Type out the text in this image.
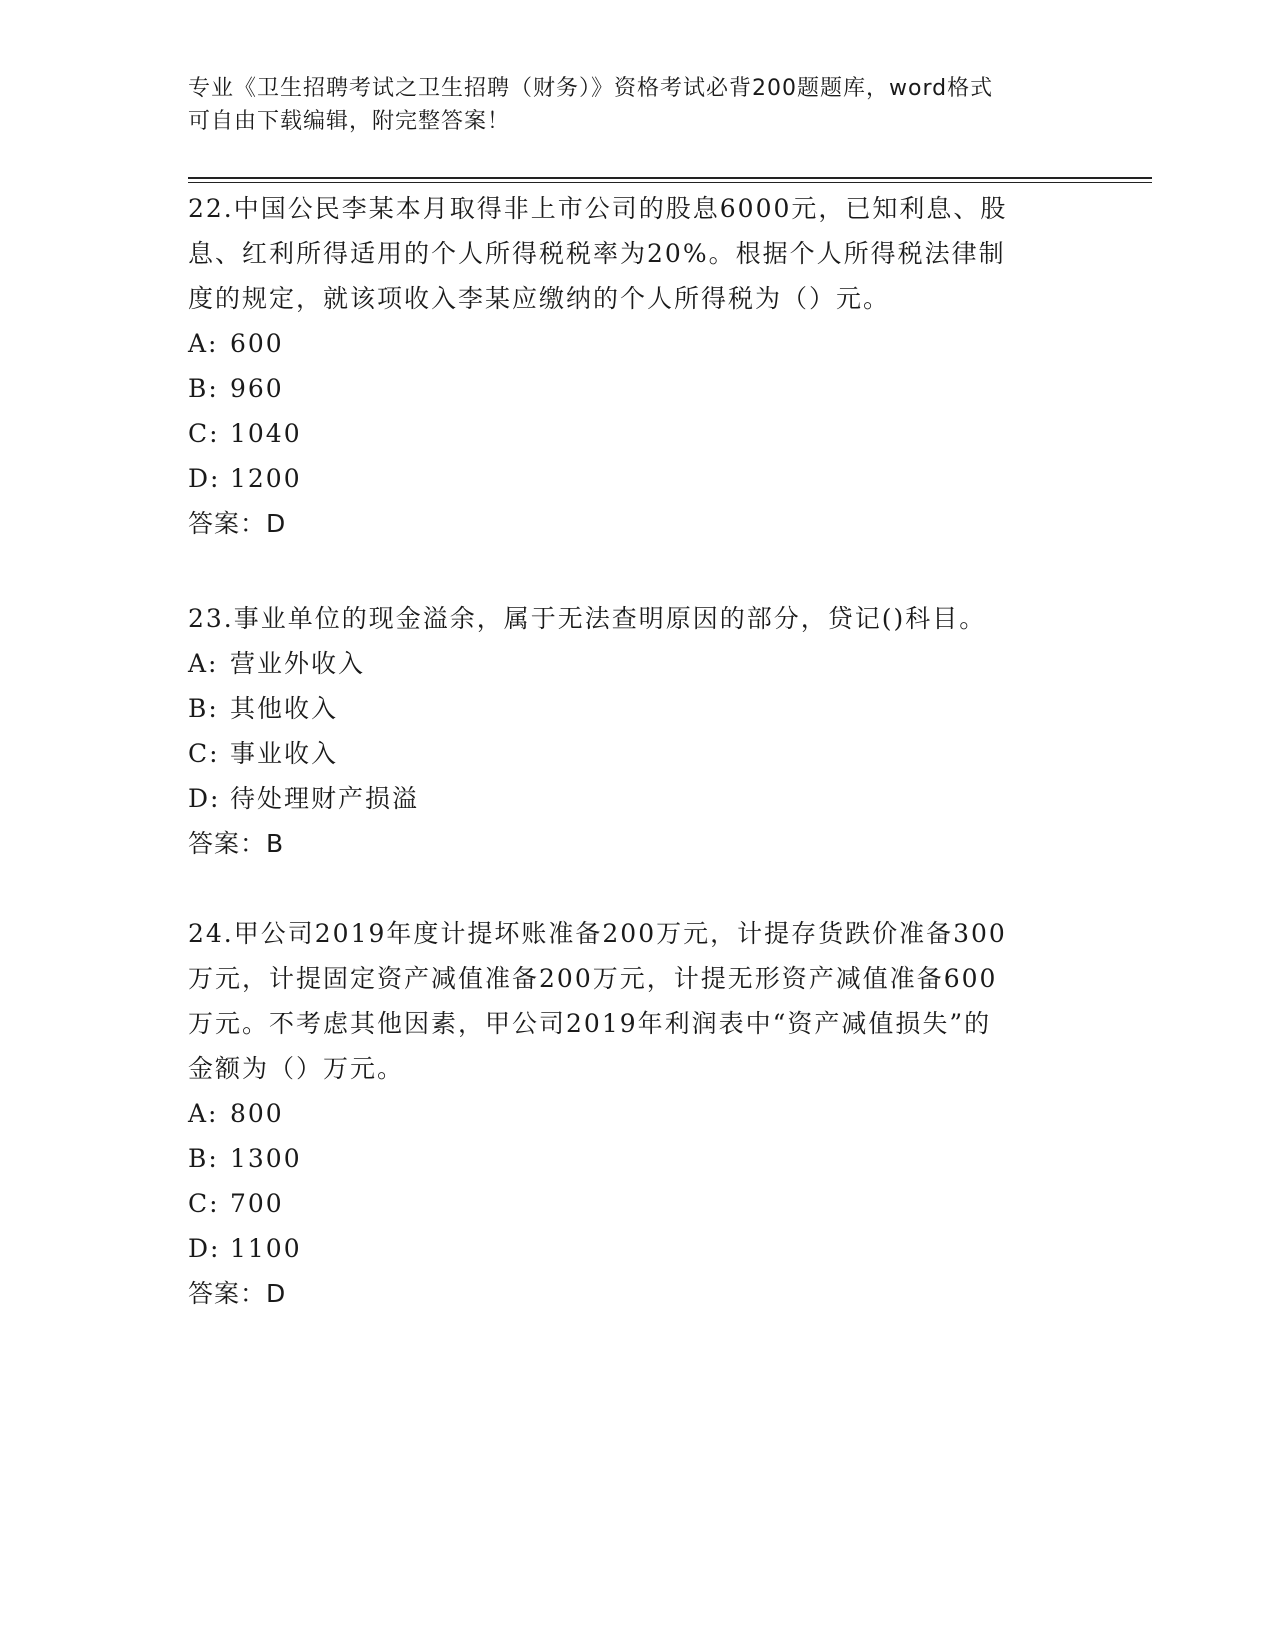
专业《卫生招聘考试之卫生招聘（财务）》资格考试必背200题题库，word格式
可自由下载编辑，附完整答案！
22.中国公民李某本月取得非上市公司的股息6000元，已知利息、股
息、红利所得适用的个人所得税税率为20%。根据个人所得税法律制
度的规定，就该项收入李某应缴纳的个人所得税为（）元。
A: 600
B: 960
C: 1040
D: 1200
答案：D
23.事业单位的现金溢余，属于无法查明原因的部分，贷记()科目。
A: 营业外收入
B: 其他收入
C: 事业收入
D: 待处理财产损溢
答案：B
24.甲公司2019年度计提坏账准备200万元，计提存货跌价准备300
万元，计提固定资产减值准备200万元，计提无形资产减值准备600
万元。不考虑其他因素，甲公司2019年利润表中“资产减值损失”的
金额为（）万元。
A: 800
B: 1300
C: 700
D: 1100
答案：D
